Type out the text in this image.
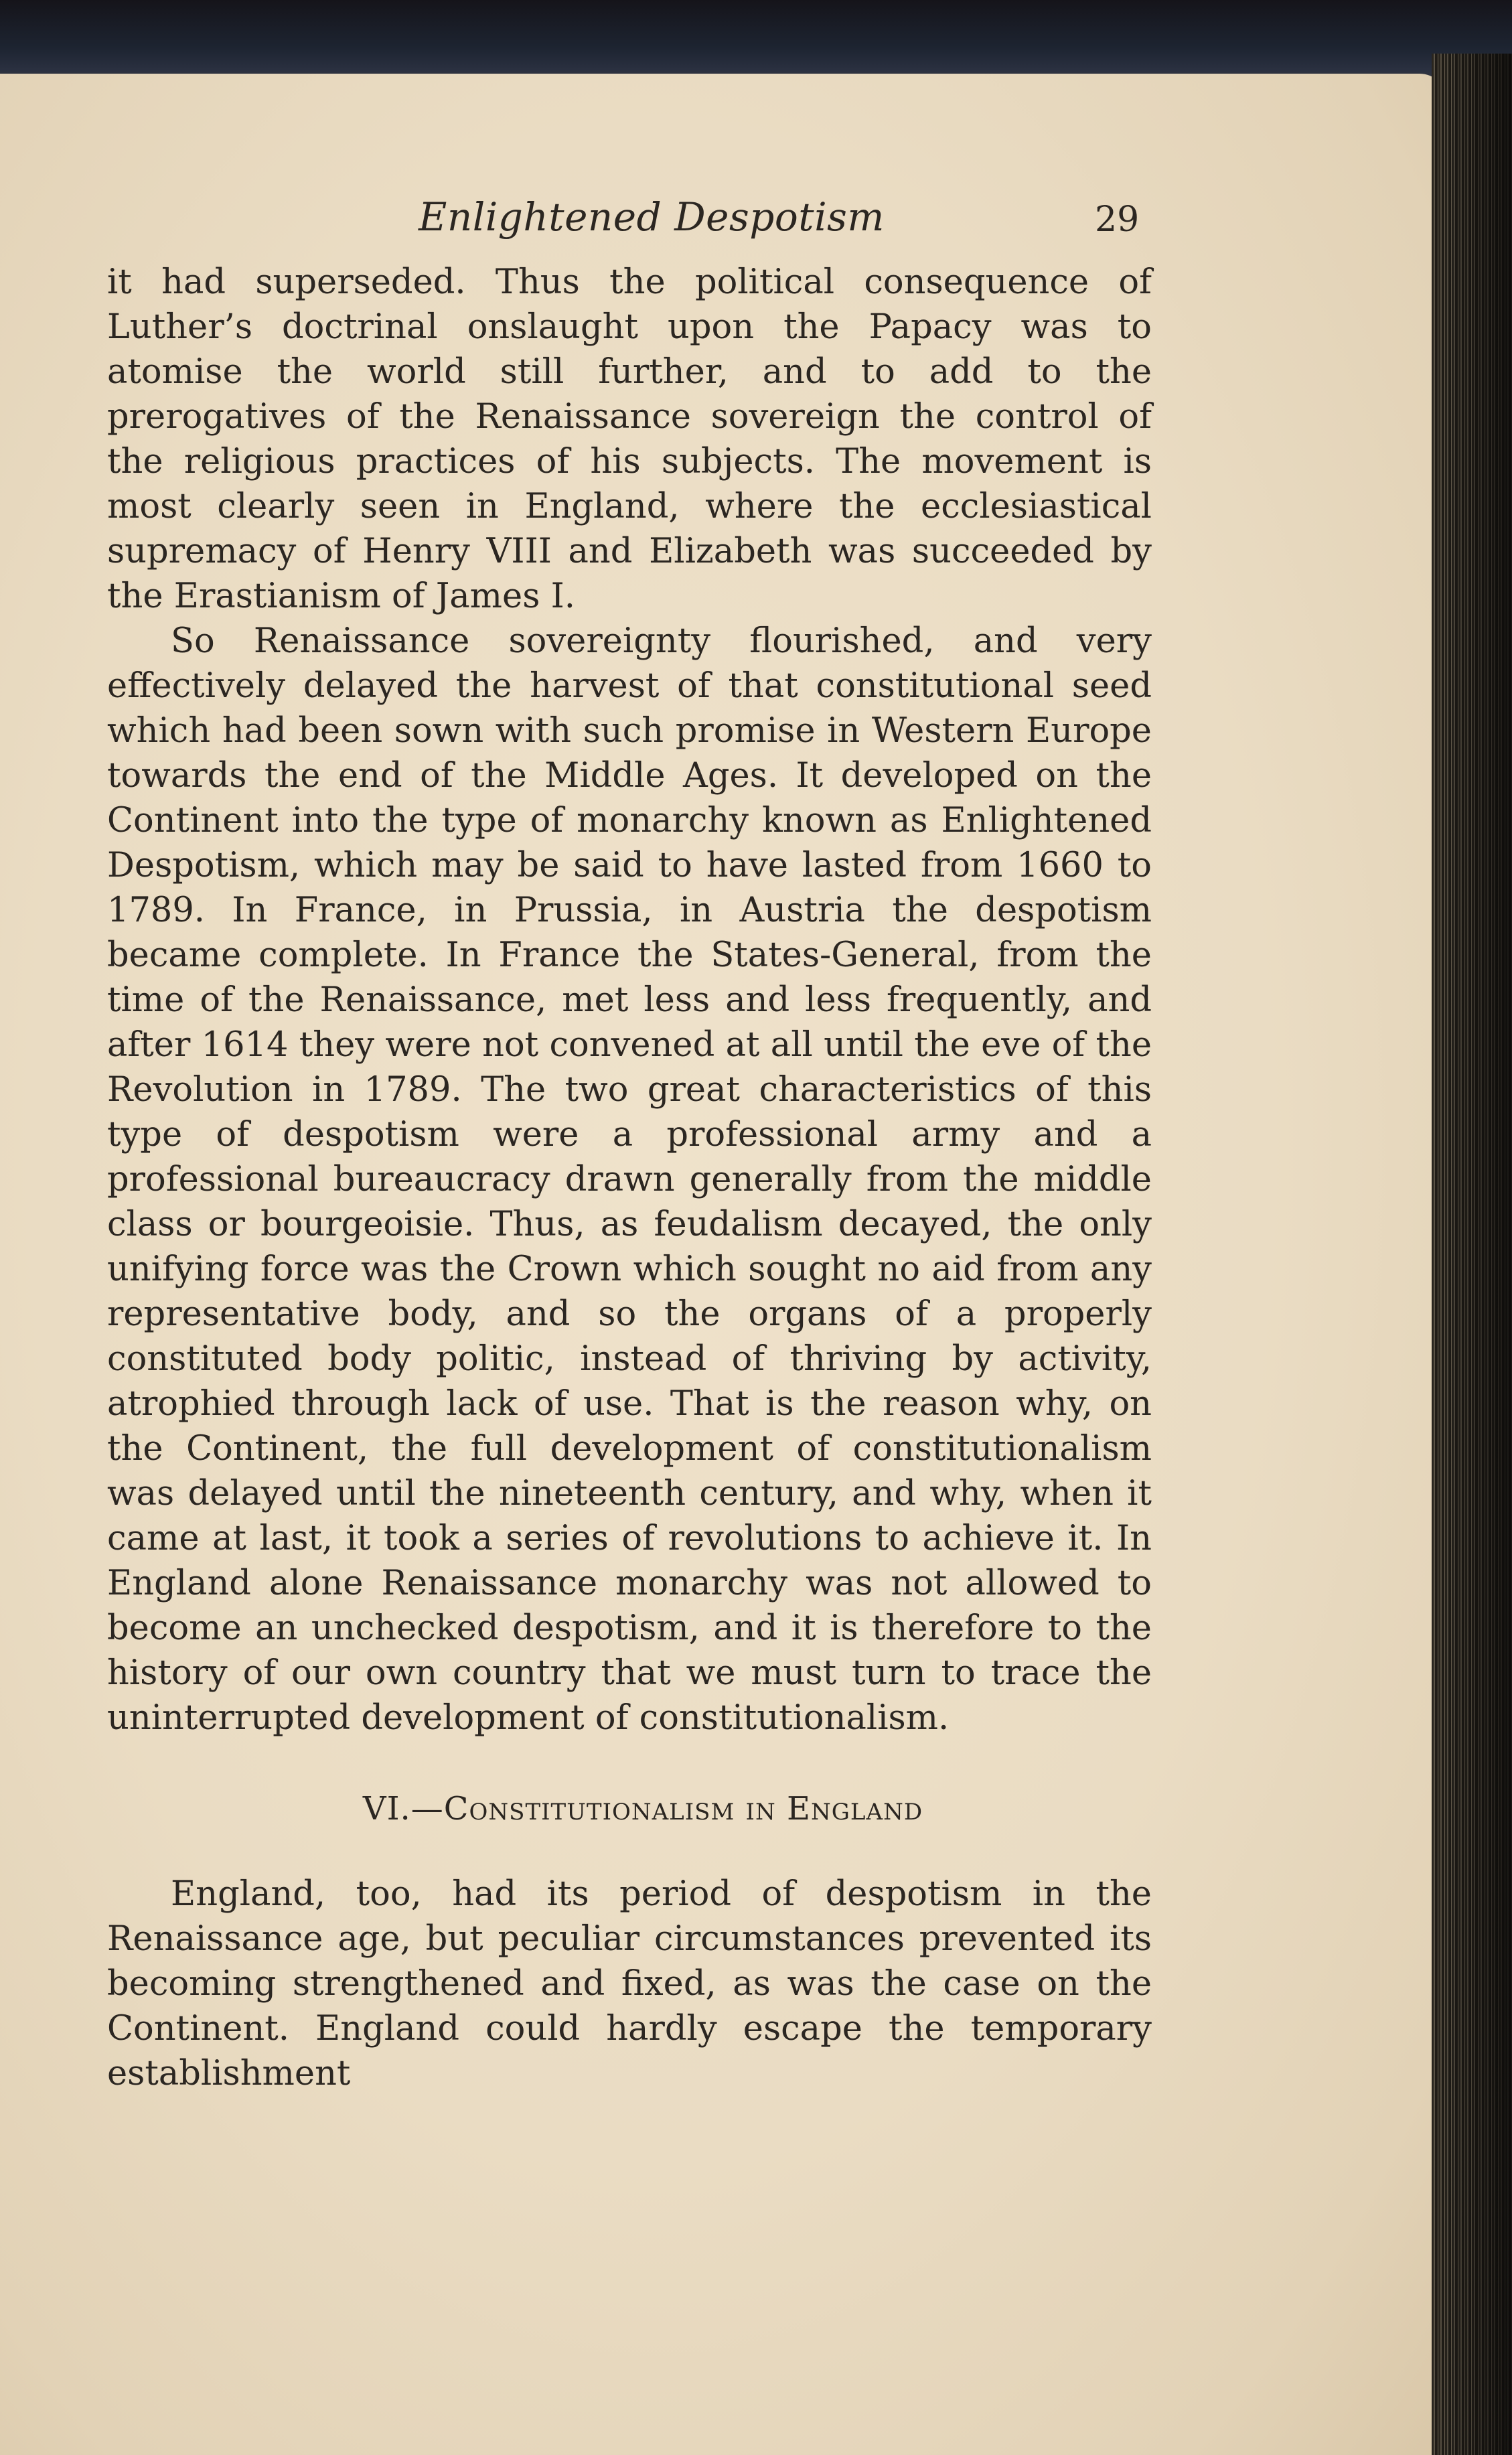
Enlightened Despotism	29

it had superseded. Thus the political consequence of Luther’s doctrinal onslaught upon the Papacy was to atomise the world still further, and to add to the prerogatives of the Renaissance sovereign the control of the religious practices of his subjects. The movement is most clearly seen in England, where the ecclesiastical supremacy of Henry VIII and Elizabeth was succeeded by the Erastianism of James I.

So Renaissance sovereignty flourished, and very effectively delayed the harvest of that constitutional seed which had been sown with such promise in Western Europe towards the end of the Middle Ages. It developed on the Continent into the type of monarchy known as Enlightened Despotism, which may be said to have lasted from 1660 to 1789. In France, in Prussia, in Austria the despotism became complete. In France the States-General, from the time of the Renaissance, met less and less frequently, and after 1614 they were not convened at all until the eve of the Revolution in 1789. The two great characteristics of this type of despotism were a professional army and a professional bureaucracy drawn generally from the middle class or bourgeoisie. Thus, as feudalism decayed, the only unifying force was the Crown which sought no aid from any representative body, and so the organs of a properly constituted body politic, instead of thriving by activity, atrophied through lack of use. That is the reason why, on the Continent, the full development of constitutionalism was delayed until the nineteenth century, and why, when it came at last, it took a series of revolutions to achieve it. In England alone Renaissance monarchy was not allowed to become an unchecked despotism, and it is therefore to the history of our own country that we must turn to trace the uninterrupted development of constitutionalism.

VI.—Constitutionalism in England

England, too, had its period of despotism in the Renaissance age, but peculiar circumstances prevented its becoming strengthened and fixed, as was the case on the Continent. England could hardly escape the temporary establishment
